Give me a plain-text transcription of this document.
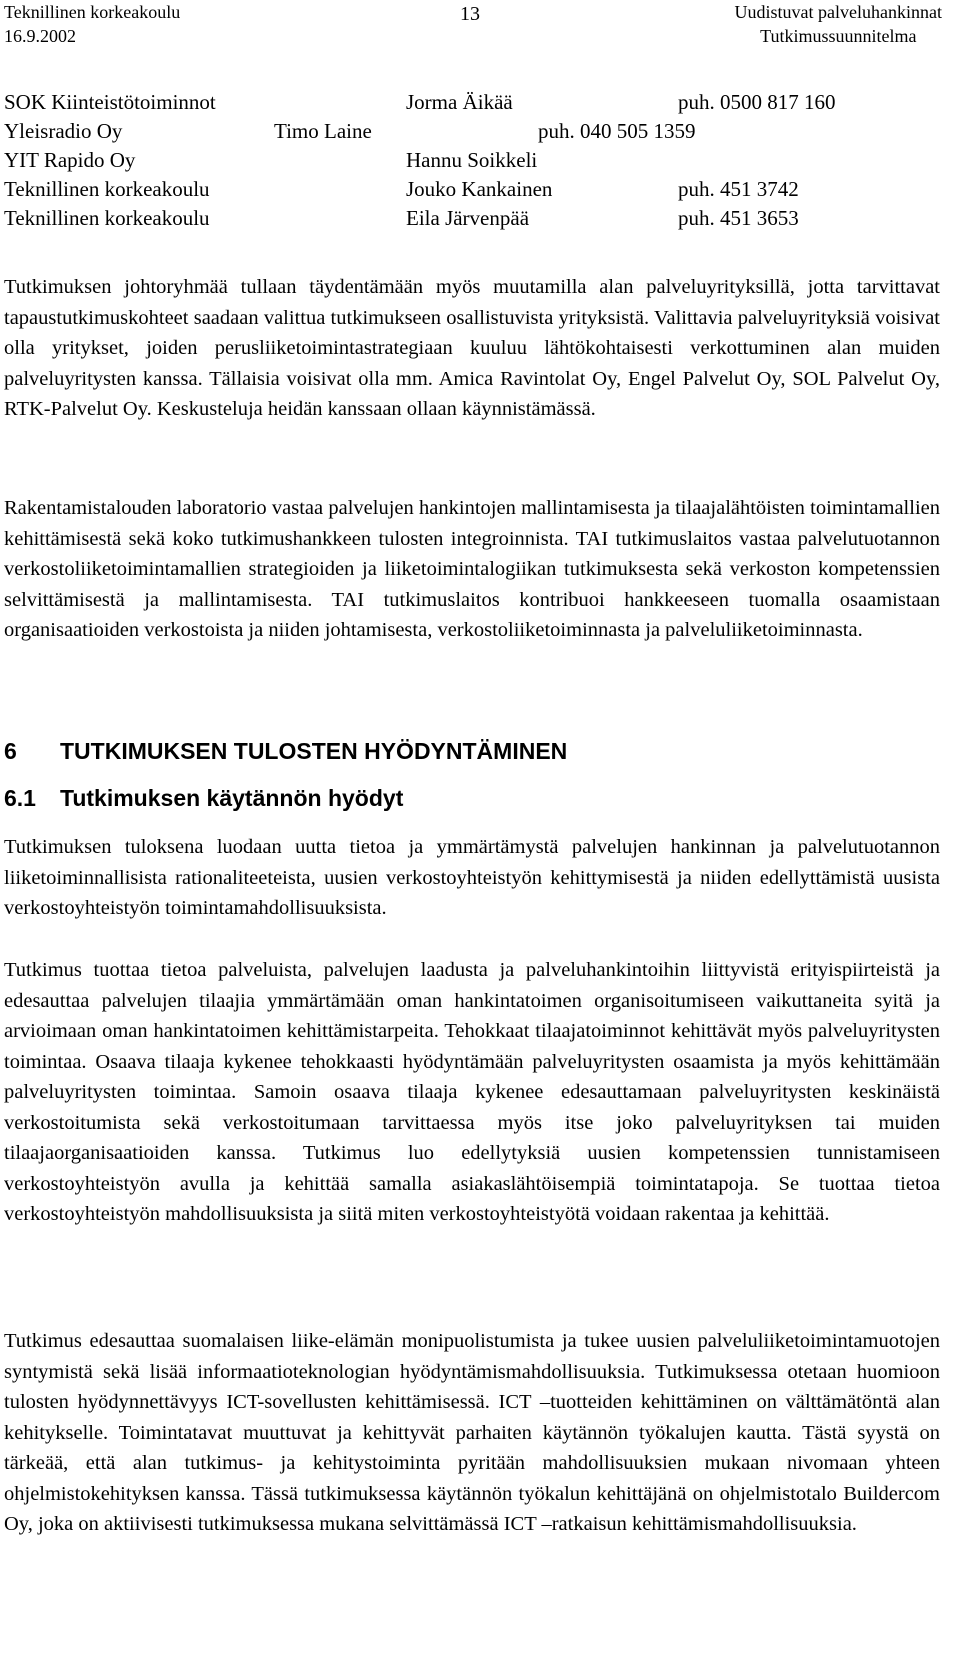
Teknillinen korkeakoulu
16.9.2002
13	Uudistuvat palveluhankinnat
Tutkimussuunnitelma
SOK Kiinteistötoiminnot	Jorma Äikää	puh. 0500 817 160
Yleisradio Oy	Timo Laine	puh. 040 505 1359
YIT Rapido Oy	Hannu Soikkeli
Teknillinen korkeakoulu	Jouko Kankainen	puh. 451 3742
Teknillinen korkeakoulu	Eila Järvenpää	puh. 451 3653

Tutkimuksen johtoryhmää tullaan täydentämään myös muutamilla alan palveluyrityksillä, jotta tarvittavat tapaustutkimuskohteet saadaan valittua tutkimukseen osallistuvista yrityksistä. Valittavia palveluyrityksiä voisivat olla yritykset, joiden perusliiketoimintastrategiaan kuuluu lähtökohtaisesti verkottuminen alan muiden palveluyritysten kanssa. Tällaisia voisivat olla mm. Amica Ravintolat Oy, Engel Palvelut Oy, SOL Palvelut Oy, RTK-Palvelut Oy. Keskusteluja heidän kanssaan ollaan käynnistämässä.

Rakentamistalouden laboratorio vastaa palvelujen hankintojen mallintamisesta ja tilaajalähtöisten toimintamallien kehittämisestä sekä koko tutkimushankkeen tulosten integroinnista. TAI tutkimuslaitos vastaa palvelutuotannon verkostoliiketoimintamallien strategioiden ja liiketoimintalogiikan tutkimuksesta sekä verkoston kompetenssien selvittämisestä ja mallintamisesta. TAI tutkimuslaitos kontribuoi hankkeeseen tuomalla osaamistaan organisaatioiden verkostoista ja niiden johtamisesta, verkostoliiketoiminnasta ja palveluliiketoiminnasta.

6 TUTKIMUKSEN TULOSTEN HYÖDYNTÄMINEN
6.1 Tutkimuksen käytännön hyödyt

Tutkimuksen tuloksena luodaan uutta tietoa ja ymmärtämystä palvelujen hankinnan ja palvelutuotannon liiketoiminnallisista rationaliteeteista, uusien verkostoyhteistyön kehittymisestä ja niiden edellyttämistä uusista verkostoyhteistyön toimintamahdollisuuksista.

Tutkimus tuottaa tietoa palveluista, palvelujen laadusta ja palveluhankintoihin liittyvistä erityispiirteistä ja edesauttaa palvelujen tilaajia ymmärtämään oman hankintatoimen organisoitumiseen vaikuttaneita syitä ja arvioimaan oman hankintatoimen kehittämistarpeita. Tehokkaat tilaajatoiminnot kehittävät myös palveluyritysten toimintaa. Osaava tilaaja kykenee tehokkaasti hyödyntämään palveluyritysten osaamista ja myös kehittämään palveluyritysten toimintaa. Samoin osaava tilaaja kykenee edesauttamaan palveluyritysten keskinäistä verkostoitumista sekä verkostoitumaan tarvittaessa myös itse joko palveluyrityksen tai muiden tilaajaorganisaatioiden kanssa. Tutkimus luo edellytyksiä uusien kompetenssien tunnistamiseen verkostoyhteistyön avulla ja kehittää samalla asiakaslähtöisempiä toimintatapoja. Se tuottaa tietoa verkostoyhteistyön mahdollisuuksista ja siitä miten verkostoyhteistyötä voidaan rakentaa ja kehittää.

Tutkimus edesauttaa suomalaisen liike-elämän monipuolistumista ja tukee uusien palveluliiketoimintamuotojen syntymistä sekä lisää informaatioteknologian hyödyntämismahdollisuuksia. Tutkimuksessa otetaan huomioon tulosten hyödynnettävyys ICT-sovellusten kehittämisessä. ICT –tuotteiden kehittäminen on välttämätöntä alan kehitykselle. Toimintatavat muuttuvat ja kehittyvät parhaiten käytännön työkalujen kautta. Tästä syystä on tärkeää, että alan tutkimus- ja kehitystoiminta pyritään mahdollisuuksien mukaan nivomaan yhteen ohjelmistokehityksen kanssa. Tässä tutkimuksessa käytännön työkalun kehittäjänä on ohjelmistotalo Buildercom Oy, joka on aktiivisesti tutkimuksessa mukana selvittämässä ICT –ratkaisun kehittämismahdollisuuksia.
